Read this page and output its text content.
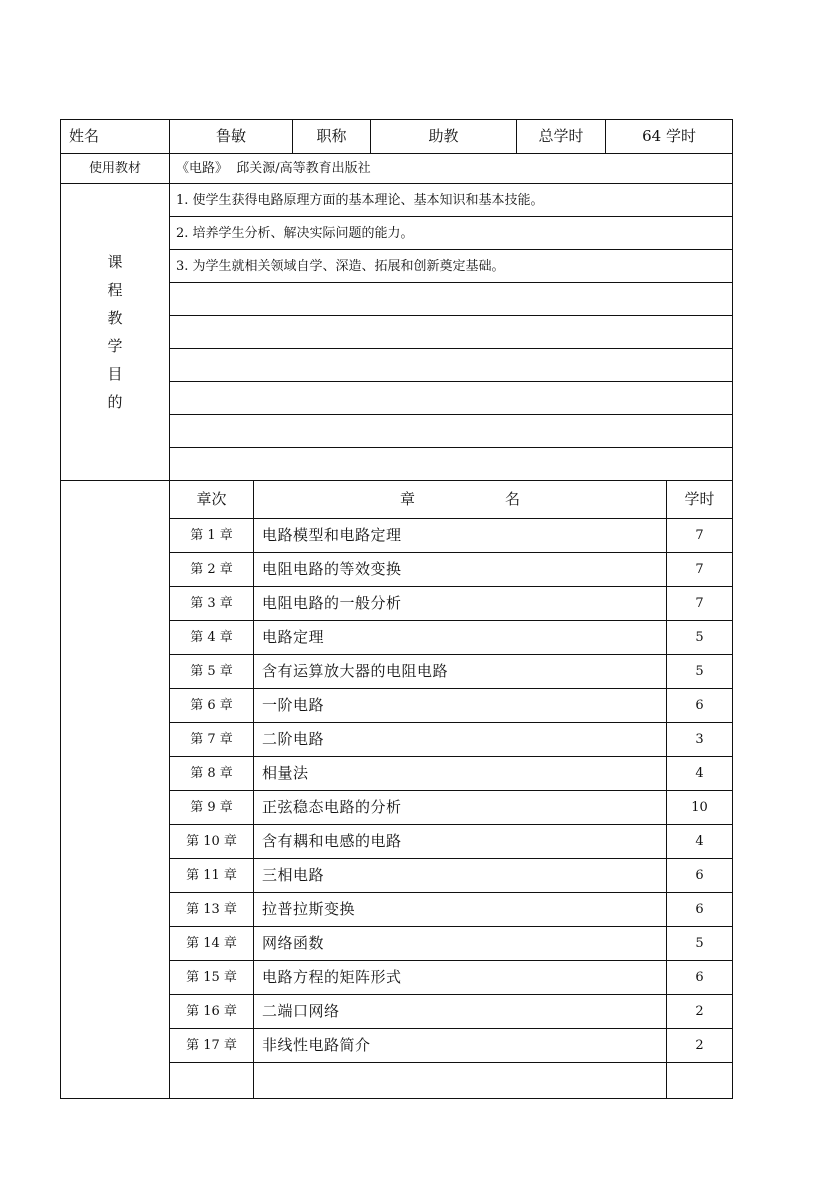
姓名	鲁敏		职称	助教	总学时	64 学时	
使用教材	《电路》  邱关源/高等教育出版社						
课程教学目的	1. 使学生获得电路原理方面的基本理论、基本知识和基本技能。						
	2. 培养学生分析、解决实际问题的能力。						
	3. 为学生就相关领域自学、深造、拓展和创新奠定基础。						

	章次	章 名					学时
	第 1 章	电路模型和电路定理					7
	第 2 章	电阻电路的等效变换					7
	第 3 章	电阻电路的一般分析					7
	第 4 章	电路定理					5
	第 5 章	含有运算放大器的电阻电路					5
	第 6 章	一阶电路					6
	第 7 章	二阶电路					3
	第 8 章	相量法					4
	第 9 章	正弦稳态电路的分析					10
	第 10 章	含有耦和电感的电路					4
	第 11 章	三相电路					6
	第 13 章	拉普拉斯变换					6
	第 14 章	网络函数					5
	第 15 章	电路方程的矩阵形式					6
	第 16 章	二端口网络					2
	第 17 章	非线性电路简介					2
